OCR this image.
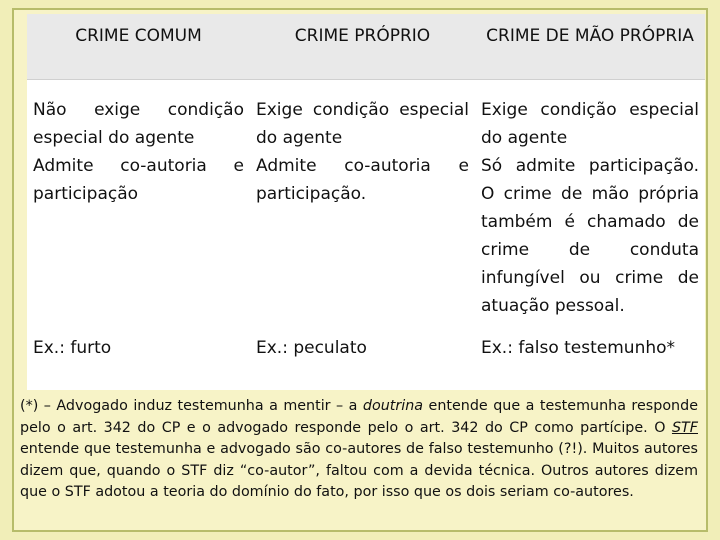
CRIME COMUM

Não exige condição especial do agente

Admite co-autoria e participação

Ex.: furto
CRIME PRÓPRIO

Exige condição especial do agente

Admite co-autoria e participação.

Ex.: peculato
CRIME DE MÃO PRÓPRIA

Exige condição especial do agente

Só admite participação. O crime de mão própria também é chamado de crime de conduta infungível ou crime de atuação pessoal.

Ex.: falso testemunho*
(*) – Advogado induz testemunha a mentir – a doutrina entende que a testemunha responde pelo o art. 342 do CP e o advogado responde pelo o art. 342 do CP como partícipe. O STF entende que testemunha e advogado são co-autores de falso testemunho (?!). Muitos autores dizem que, quando o STF diz “co-autor”, faltou com a devida técnica. Outros autores dizem que o STF adotou a teoria do domínio do fato, por isso que os dois seriam co-autores.
